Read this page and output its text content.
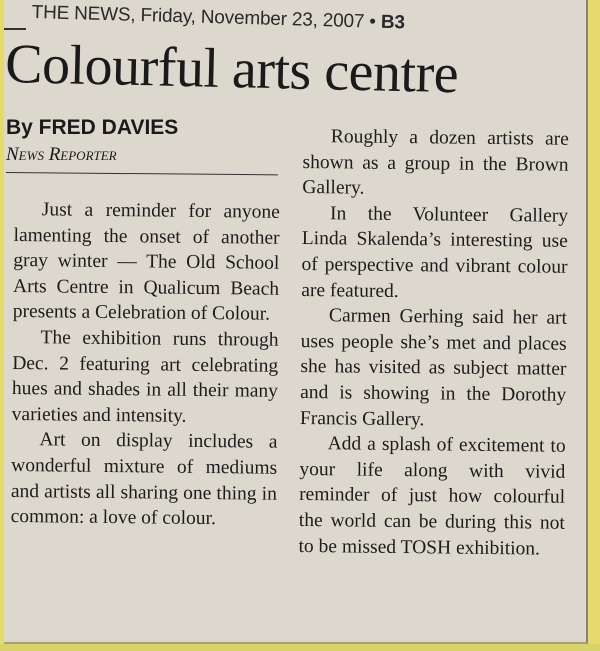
THE NEWS, Friday, November 23, 2007 • B3
Colourful arts centre
By FRED DAVIES
News Reporter

Just a reminder for anyone lamenting the onset of another gray winter — The Old School Arts Centre in Qualicum Beach presents a Celebration of Colour.

The exhibition runs through Dec. 2 featuring art celebrating hues and shades in all their many varieties and intensity.

Art on display includes a wonderful mixture of mediums and artists all sharing one thing in common: a love of colour.

Roughly a dozen artists are shown as a group in the Brown Gallery.

In the Volunteer Gallery Linda Skalenda’s interesting use of perspective and vibrant colour are featured.

Carmen Gerhing said her art uses people she’s met and places she has visited as subject matter and is showing in the Dorothy Francis Gallery.

Add a splash of excitement to your life along with vivid reminder of just how colourful the world can be during this not to be missed TOSH exhibition.
